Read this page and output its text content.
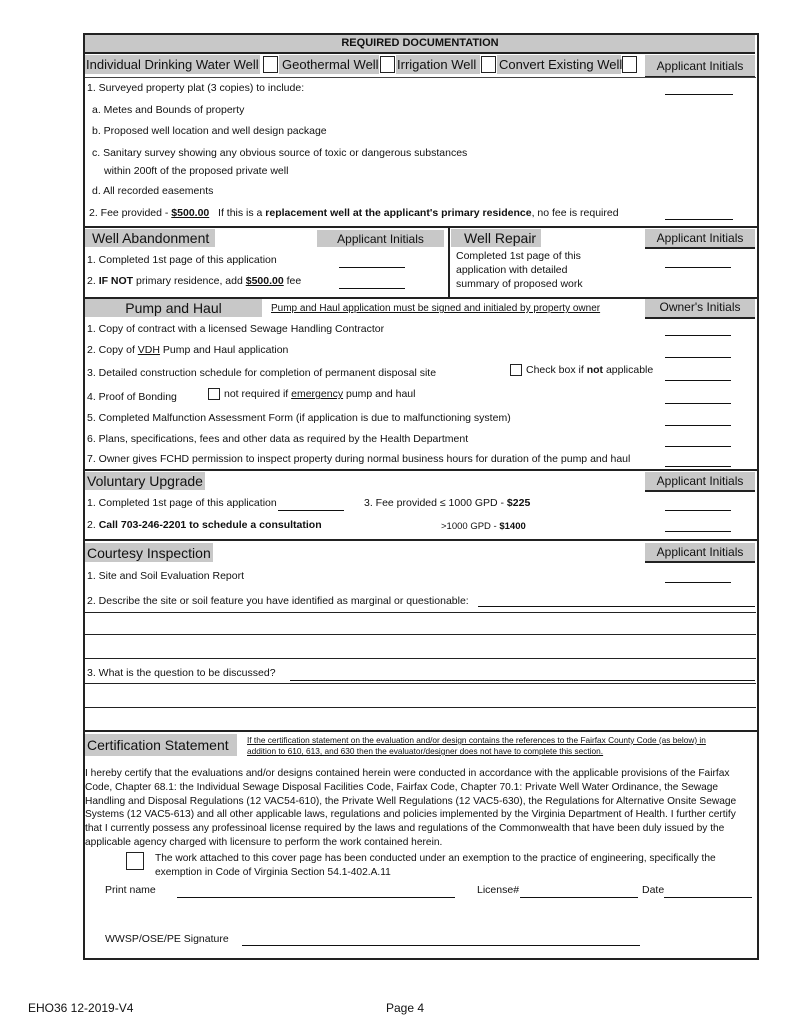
REQUIRED DOCUMENTATION
Individual Drinking Water Well Geothermal Well Irrigation Well Convert Existing Well	Applicant Initials
1. Surveyed property plat (3 copies) to include:
a. Metes and Bounds of property
b. Proposed well location and well design package
c. Sanitary survey showing any obvious source of toxic or dangerous substances
within 200ft of the proposed private well
d. All recorded easements
2. Fee provided - $500.00 If this is a replacement well at the applicant's primary residence, no fee is required
Well Abandonment	Applicant Initials
1. Completed 1st page of this application
2. IF NOT primary residence, add $500.00 fee
Well Repair	Applicant Initials
Completed 1st page of this
application with detailed
summary of proposed work
Pump and Haul	Pump and Haul application must be signed and initialed by property owner	Owner's Initials
1. Copy of contract with a licensed Sewage Handling Contractor
2. Copy of VDH Pump and Haul application
3. Detailed construction schedule for completion of permanent disposal site	Check box if not applicable
4. Proof of Bonding	not required if emergency pump and haul
5. Completed Malfunction Assessment Form (if application is due to malfunctioning system)
6. Plans, specifications, fees and other data as required by the Health Department
7. Owner gives FCHD permission to inspect property during normal business hours for duration of the pump and haul
Voluntary Upgrade	Applicant Initials
1. Completed 1st page of this application	3. Fee provided ≤ 1000 GPD - $225
2. Call 703-246-2201 to schedule a consultation	>1000 GPD - $1400
Courtesy Inspection	Applicant Initials
1. Site and Soil Evaluation Report
2. Describe the site or soil feature you have identified as marginal or questionable:
3. What is the question to be discussed?
Certification Statement If the certification statement on the evaluation and/or design contains the references to the Fairfax County Code (as below) in
addition to 610, 613, and 630 then the evaluator/designer does not have to complete this section.
I hereby certify that the evaluations and/or designs contained herein were conducted in accordance with the applicable provisions of the Fairfax Code, Chapter 68.1: the Individual Sewage Disposal Facilities Code, Fairfax Code, Chapter 70.1: Private Well Water Ordinance, the Sewage Handling and Disposal Regulations (12 VAC54-610), the Private Well Regulations (12 VAC5-630), the Regulations for Alternative Onsite Sewage Systems (12 VAC5-613) and all other applicable laws, regulations and policies implemented by the Virginia Department of Health. I further certify that I currently possess any professinoal license required by the laws and regulations of the Commonwealth that have been duly issued by the applicable agency charged with licensure to perform the work contained herein.
The work attached to this cover page has been conducted under an exemption to the practice of engineering, specifically the exemption in Code of Virginia Section 54.1-402.A.11
Print name	License#	Date
WWSP/OSE/PE Signature
EHO36 12-2019-V4	Page 4
